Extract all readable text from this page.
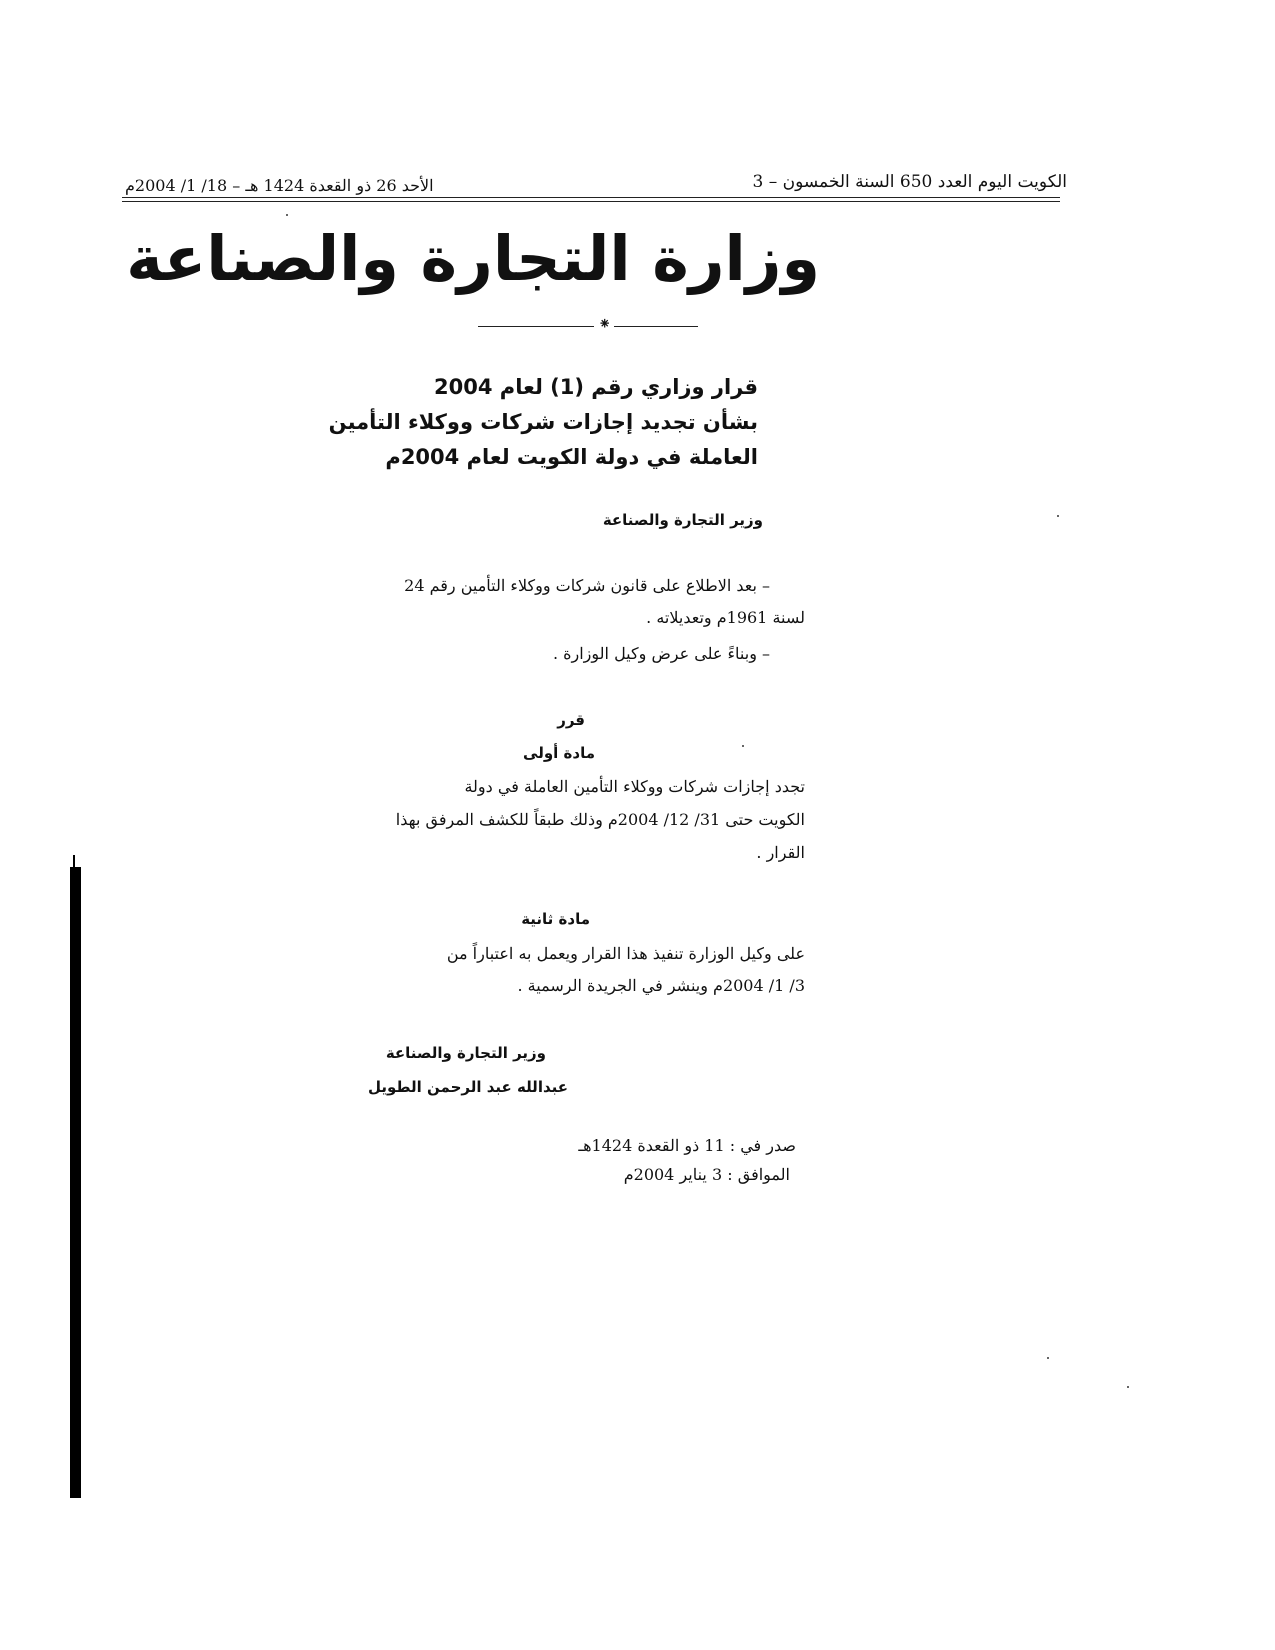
الكويت اليوم العدد 650 السنة الخمسون – 3
الأحد 26 ذو القعدة 1424 هـ – 18/ 1/ 2004م
وزارة التجارة والصناعة
⁕
قرار وزاري رقم (1) لعام 2004
بشأن تجديد إجازات شركات ووكلاء التأمين
العاملة في دولة الكويت لعام 2004م
وزير التجارة والصناعة
– بعد الاطلاع على قانون شركات ووكلاء التأمين رقم 24
لسنة 1961م وتعديلاته .
– وبناءً على عرض وكيل الوزارة .
قرر
مادة أولى
تجدد إجازات شركات ووكلاء التأمين العاملة في دولة
الكويت حتى 31/ 12/ 2004م وذلك طبقاً للكشف المرفق بهذا
القرار .
مادة ثانية
على وكيل الوزارة تنفيذ هذا القرار ويعمل به اعتباراً من
3/ 1/ 2004م وينشر في الجريدة الرسمية .
وزير التجارة والصناعة
عبدالله عبد الرحمن الطويل
صدر في : 11 ذو القعدة 1424هـ
الموافق : 3 يناير 2004م
